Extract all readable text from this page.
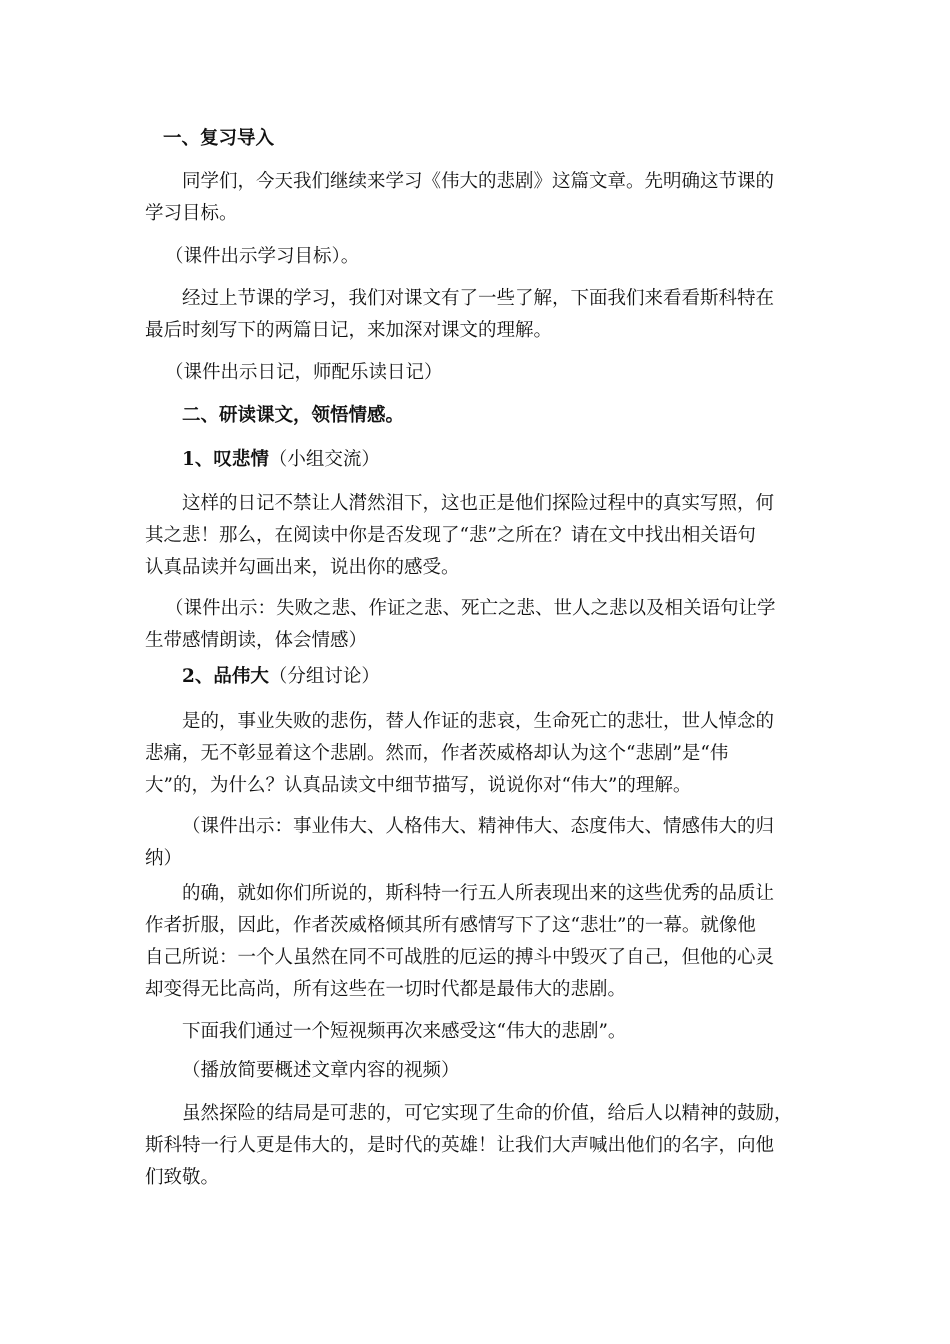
一、复习导入
同学们，今天我们继续来学习《伟大的悲剧》这篇文章。先明确这节课的
学习目标。
（课件出示学习目标）。
经过上节课的学习，我们对课文有了一些了解，下面我们来看看斯科特在
最后时刻写下的两篇日记，来加深对课文的理解。
（课件出示日记，师配乐读日记）
二、研读课文，领悟情感。
1、叹悲情（小组交流）
这样的日记不禁让人潸然泪下，这也正是他们探险过程中的真实写照，何
其之悲！那么，在阅读中你是否发现了“悲”之所在？请在文中找出相关语句
认真品读并勾画出来，说出你的感受。
（课件出示：失败之悲、作证之悲、死亡之悲、世人之悲以及相关语句让学
生带感情朗读，体会情感）
2、品伟大（分组讨论）
是的，事业失败的悲伤，替人作证的悲哀，生命死亡的悲壮，世人悼念的
悲痛，无不彰显着这个悲剧。然而，作者茨威格却认为这个“悲剧”是“伟
大”的，为什么？认真品读文中细节描写，说说你对“伟大”的理解。
（课件出示：事业伟大、人格伟大、精神伟大、态度伟大、情感伟大的归
纳）
的确，就如你们所说的，斯科特一行五人所表现出来的这些优秀的品质让
作者折服，因此，作者茨威格倾其所有感情写下了这“悲壮”的一幕。就像他
自己所说：一个人虽然在同不可战胜的厄运的搏斗中毁灭了自己，但他的心灵
却变得无比高尚，所有这些在一切时代都是最伟大的悲剧。
下面我们通过一个短视频再次来感受这“伟大的悲剧”。
（播放简要概述文章内容的视频）
虽然探险的结局是可悲的，可它实现了生命的价值，给后人以精神的鼓励，
斯科特一行人更是伟大的，是时代的英雄！让我们大声喊出他们的名字，向他
们致敬。
